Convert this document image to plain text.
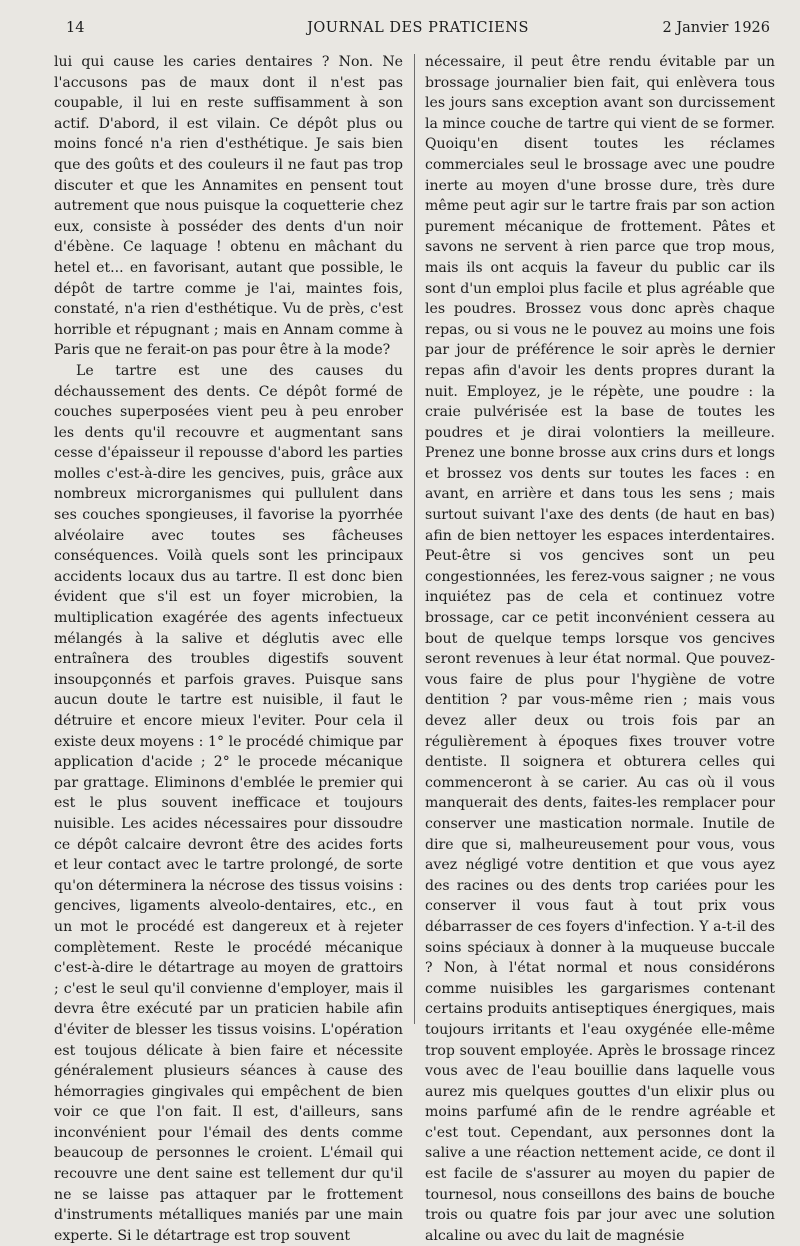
14	JOURNAL DES PRATICIENS	2 Janvier 1926

lui qui cause les caries dentaires ? Non. Ne l'accusons pas de maux dont il n'est pas coupable, il lui en reste suffisamment à son actif. D'abord, il est vilain. Ce dépôt plus ou moins foncé n'a rien d'esthétique. Je sais bien que des goûts et des couleurs il ne faut pas trop discuter et que les Annamites en pensent tout autrement que nous puisque la coquetterie chez eux, consiste à posséder des dents d'un noir d'ébène. Ce laquage ! obtenu en mâchant du hetel et... en favorisant, autant que possible, le dépôt de tartre comme je l'ai, maintes fois, constaté, n'a rien d'esthétique. Vu de près, c'est horrible et répugnant ; mais en Annam comme à Paris que ne ferait-on pas pour être à la mode?

Le tartre est une des causes du déchaussement des dents. Ce dépôt formé de couches superposées vient peu à peu enrober les dents qu'il recouvre et augmentant sans cesse d'épaisseur il repousse d'abord les parties molles c'est-à-dire les gencives, puis, grâce aux nombreux microrganismes qui pullulent dans ses couches spongieuses, il favorise la pyorrhée alvéolaire avec toutes ses fâcheuses conséquences. Voilà quels sont les principaux accidents locaux dus au tartre. Il est donc bien évident que s'il est un foyer microbien, la multiplication exagérée des agents infectueux mélangés à la salive et déglutis avec elle entraînera des troubles digestifs souvent insoupçonnés et parfois graves. Puisque sans aucun doute le tartre est nuisible, il faut le détruire et encore mieux l'eviter. Pour cela il existe deux moyens : 1° le procédé chimique par application d'acide ; 2° le procede mécanique par grattage. Eliminons d'emblée le premier qui est le plus souvent inefficace et toujours nuisible. Les acides nécessaires pour dissoudre ce dépôt calcaire devront être des acides forts et leur contact avec le tartre prolongé, de sorte qu'on déterminera la nécrose des tissus voisins : gencives, ligaments alveolo-dentaires, etc., en un mot le procédé est dangereux et à rejeter complètement. Reste le procédé mécanique c'est-à-dire le détartrage au moyen de grattoirs ; c'est le seul qu'il convienne d'employer, mais il devra être exécuté par un praticien habile afin d'éviter de blesser les tissus voisins. L'opération est toujous délicate à bien faire et nécessite généralement plusieurs séances à cause des hémorragies gingivales qui empêchent de bien voir ce que l'on fait. Il est, d'ailleurs, sans inconvénient pour l'émail des dents comme beaucoup de personnes le croient. L'émail qui recouvre une dent saine est tellement dur qu'il ne se laisse pas attaquer par le frottement d'instruments métalliques maniés par une main experte. Si le détartrage est trop souvent

nécessaire, il peut être rendu évitable par un brossage journalier bien fait, qui enlèvera tous les jours sans exception avant son durcissement la mince couche de tartre qui vient de se former. Quoiqu'en disent toutes les réclames commerciales seul le brossage avec une poudre inerte au moyen d'une brosse dure, très dure même peut agir sur le tartre frais par son action purement mécanique de frottement. Pâtes et savons ne servent à rien parce que trop mous, mais ils ont acquis la faveur du public car ils sont d'un emploi plus facile et plus agréable que les poudres. Brossez vous donc après chaque repas, ou si vous ne le pouvez au moins une fois par jour de préférence le soir après le dernier repas afin d'avoir les dents propres durant la nuit. Employez, je le répète, une poudre : la craie pulvérisée est la base de toutes les poudres et je dirai volontiers la meilleure. Prenez une bonne brosse aux crins durs et longs et brossez vos dents sur toutes les faces : en avant, en arrière et dans tous les sens ; mais surtout suivant l'axe des dents (de haut en bas) afin de bien nettoyer les espaces interdentaires. Peut-être si vos gencives sont un peu congestionnées, les ferez-vous saigner ; ne vous inquiétez pas de cela et continuez votre brossage, car ce petit inconvénient cessera au bout de quelque temps lorsque vos gencives seront revenues à leur état normal. Que pouvez-vous faire de plus pour l'hygiène de votre dentition ? par vous-même rien ; mais vous devez aller deux ou trois fois par an régulièrement à époques fixes trouver votre dentiste. Il soignera et obturera celles qui commenceront à se carier. Au cas où il vous manquerait des dents, faites-les remplacer pour conserver une mastication normale. Inutile de dire que si, malheureusement pour vous, vous avez négligé votre dentition et que vous ayez des racines ou des dents trop cariées pour les conserver il vous faut à tout prix vous débarrasser de ces foyers d'infection. Y a-t-il des soins spéciaux à donner à la muqueuse buccale ? Non, à l'état normal et nous considérons comme nuisibles les gargarismes contenant certains produits antiseptiques énergiques, mais toujours irritants et l'eau oxygénée elle-même trop souvent employée. Après le brossage rincez vous avec de l'eau bouillie dans laquelle vous aurez mis quelques gouttes d'un elixir plus ou moins parfumé afin de le rendre agréable et c'est tout. Cependant, aux personnes dont la salive a une réaction nettement acide, ce dont il est facile de s'assurer au moyen du papier de tournesol, nous conseillons des bains de bouche trois ou quatre fois par jour avec une solution alcaline ou avec du lait de magnésie
